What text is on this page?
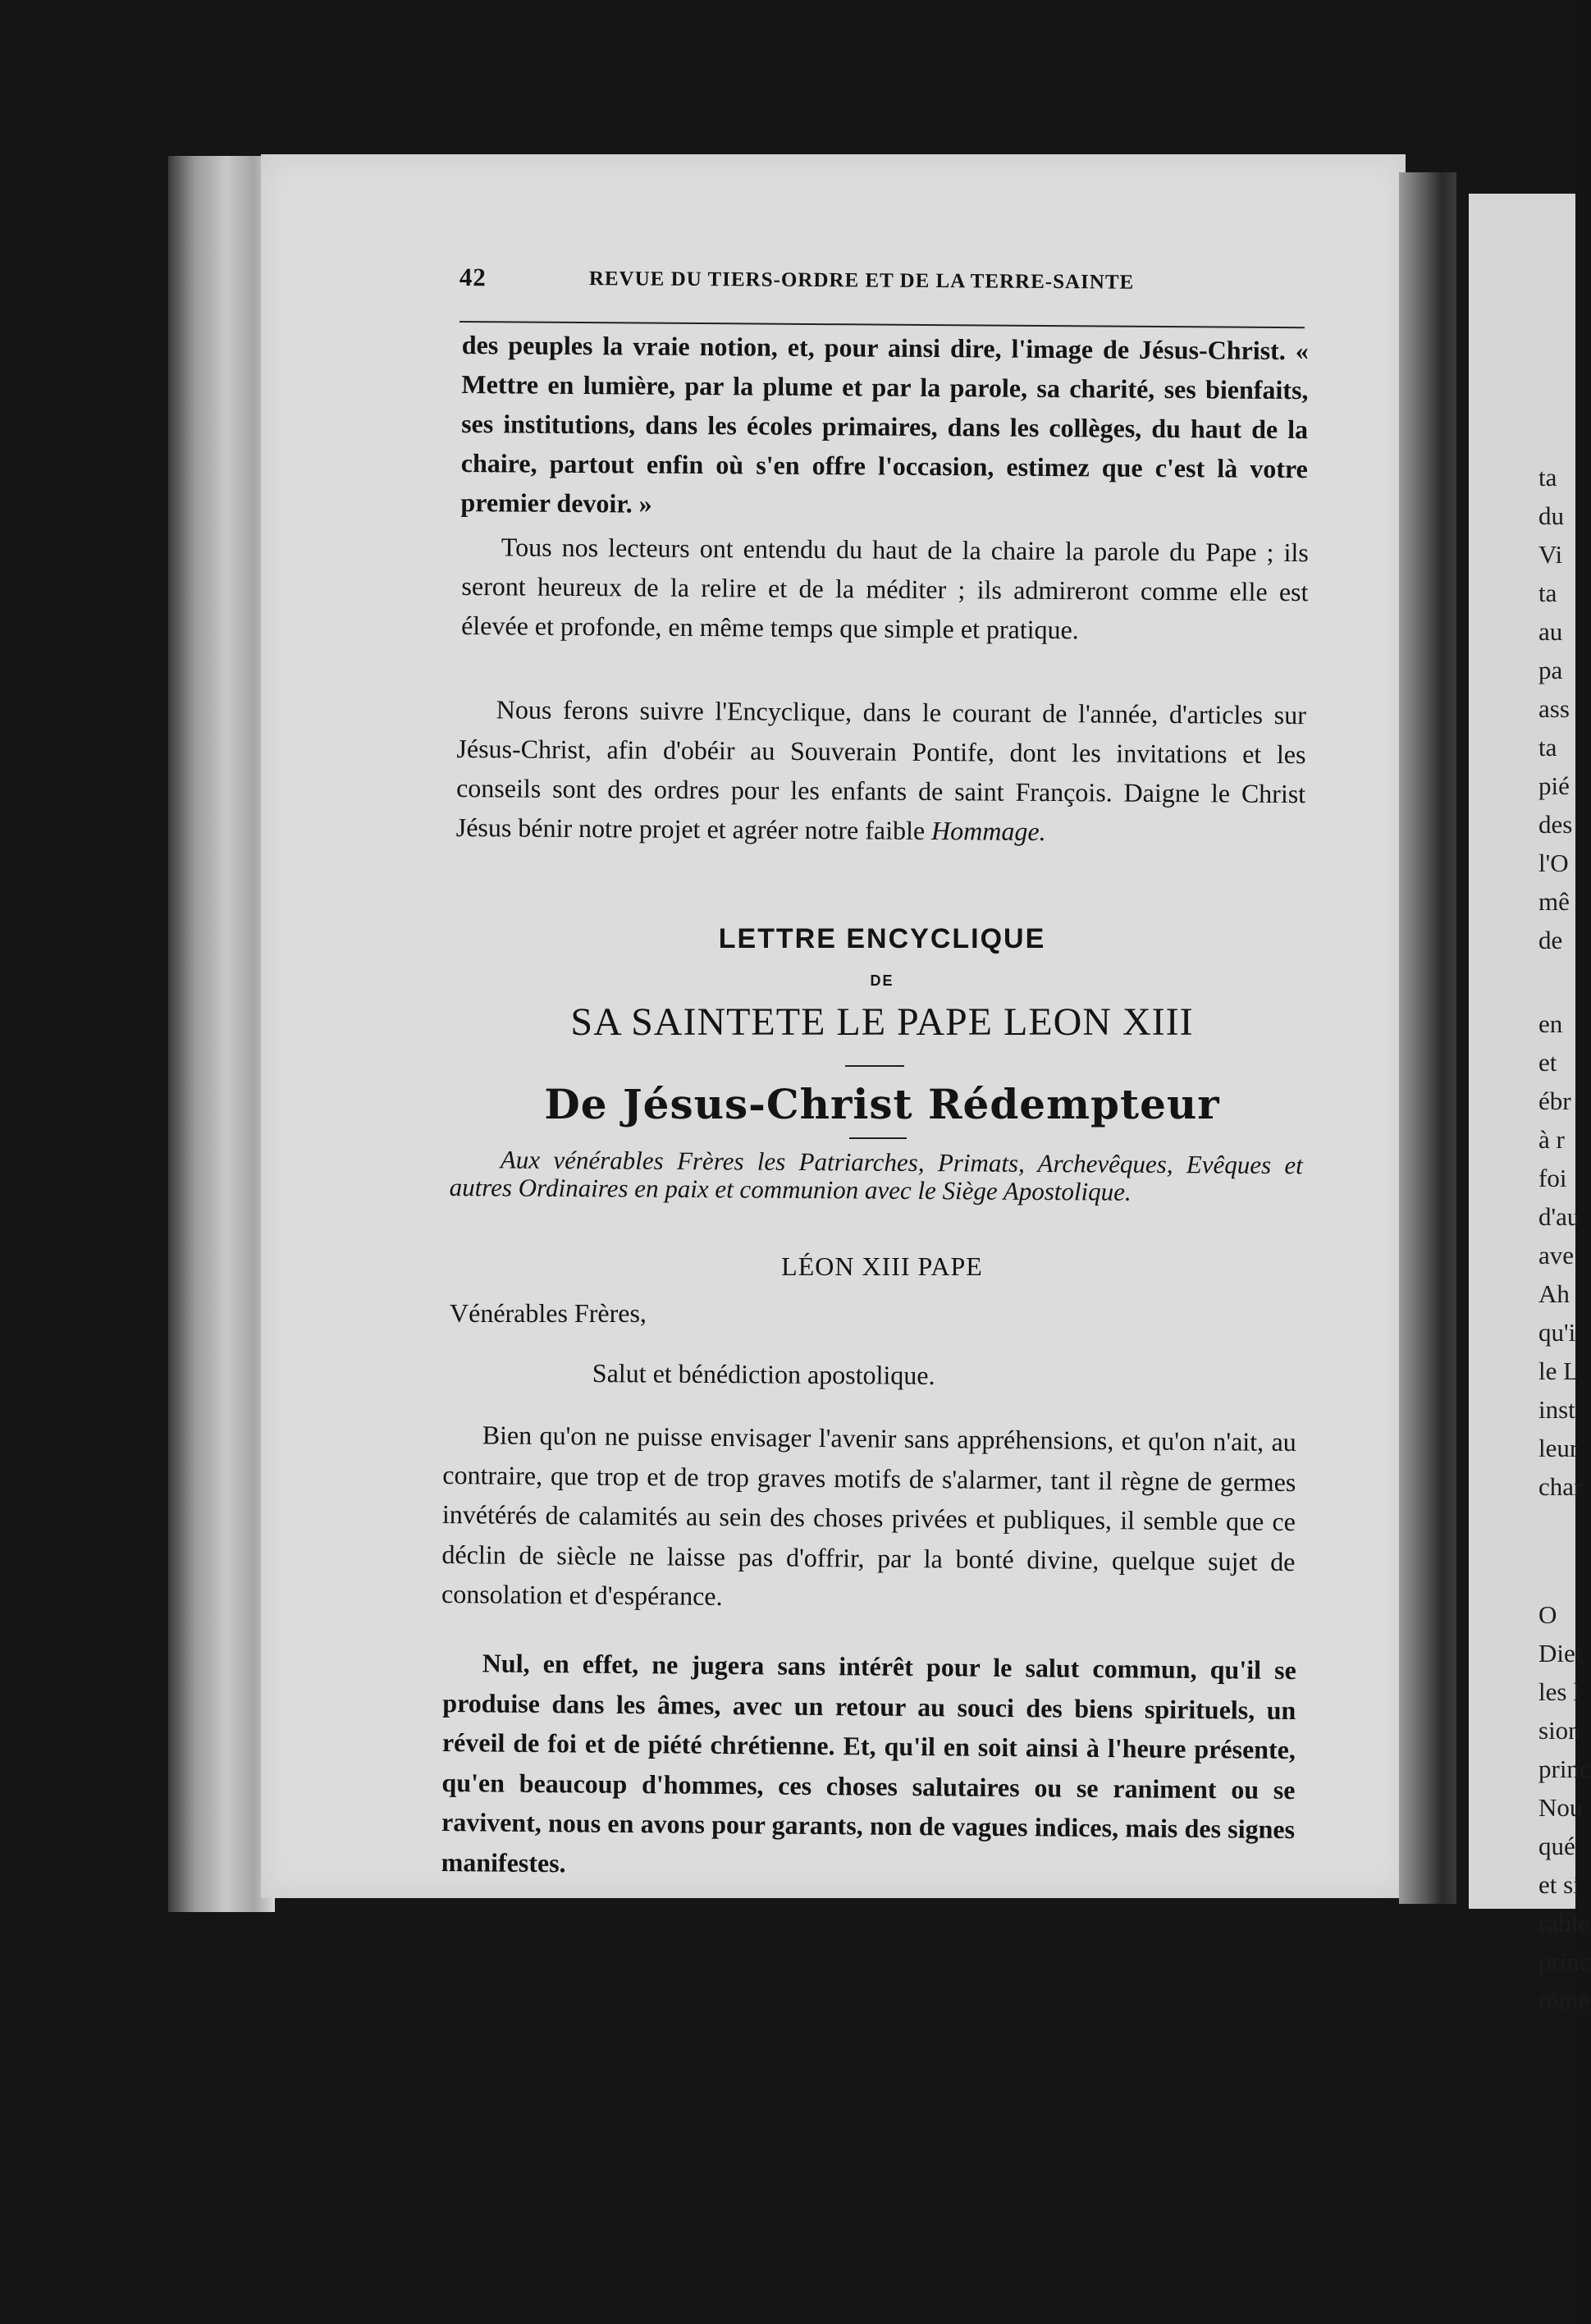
ta
du
Vi
ta
au
pa
ass
ta
pié
des
l'O
mê
de
en
et
ébr
à r
foi
d'au
ave
Ah
qu'i
le L
inst
leur
char
O
Diet
les l
sion
princ
Nou
qué
et si
rable
princ
réme
42	REVUE DU TIERS-ORDRE ET DE LA TERRE-SAINTE
des peuples la vraie notion, et, pour ainsi dire, l'image de Jésus-Christ. « Mettre en lumière, par la plume et par la parole, sa charité, ses bienfaits, ses institutions, dans les écoles primaires, dans les collèges, du haut de la chaire, partout enfin où s'en offre l'occasion, estimez que c'est là votre premier devoir. »
Tous nos lecteurs ont entendu du haut de la chaire la parole du Pape ; ils seront heureux de la relire et de la méditer ; ils admireront comme elle est élevée et profonde, en même temps que simple et pratique.
Nous ferons suivre l'Encyclique, dans le courant de l'année, d'articles sur Jésus-Christ, afin d'obéir au Souverain Pontife, dont les invitations et les conseils sont des ordres pour les enfants de saint François. Daigne le Christ Jésus bénir notre projet et agréer notre faible Hommage.
LETTRE ENCYCLIQUE
DE
SA SAINTETE LE PAPE LEON XIII
De Jésus-Christ Rédempteur
Aux vénérables Frères les Patriarches, Primats, Archevêques, Evêques et autres Ordinaires en paix et communion avec le Siège Apostolique.
LÉON XIII PAPE
Vénérables Frères,
Salut et bénédiction apostolique.
Bien qu'on ne puisse envisager l'avenir sans appréhensions, et qu'on n'ait, au contraire, que trop et de trop graves motifs de s'alarmer, tant il règne de germes invétérés de calamités au sein des choses privées et publiques, il semble que ce déclin de siècle ne laisse pas d'offrir, par la bonté divine, quelque sujet de consolation et d'espérance.
Nul, en effet, ne jugera sans intérêt pour le salut commun, qu'il se produise dans les âmes, avec un retour au souci des biens spirituels, un réveil de foi et de piété chrétienne. Et, qu'il en soit ainsi à l'heure présente, qu'en beaucoup d'hommes, ces choses salutaires ou se raniment ou se ravivent, nous en avons pour garants, non de vagues indices, mais des signes manifestes.
